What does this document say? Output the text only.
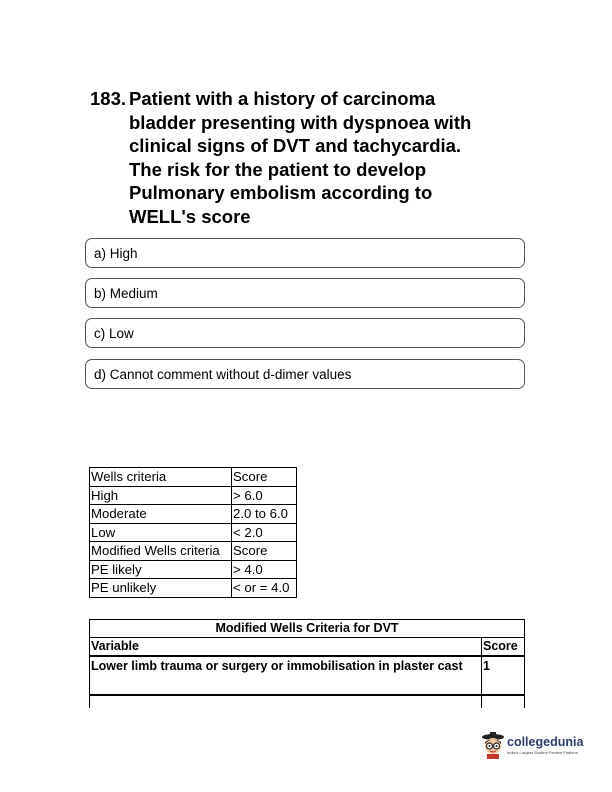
183. Patient with a history of carcinoma
bladder presenting with dyspnoea with
clinical signs of DVT and tachycardia.
The risk for the patient to develop
Pulmonary embolism according to
WELL's score
a) High
b) Medium
c) Low
d) Cannot comment without d-dimer values
Wells criteria	Score
High	> 6.0
Moderate	2.0 to 6.0
Low	< 2.0
Modified Wells criteria	Score
PE likely	> 4.0
PE unlikely	< or = 4.0
Modified Wells Criteria for DVT	
Variable	Score
Lower limb trauma or surgery or immobilisation in plaster cast	1

collegedunia
India's Largest Student Review Platform
